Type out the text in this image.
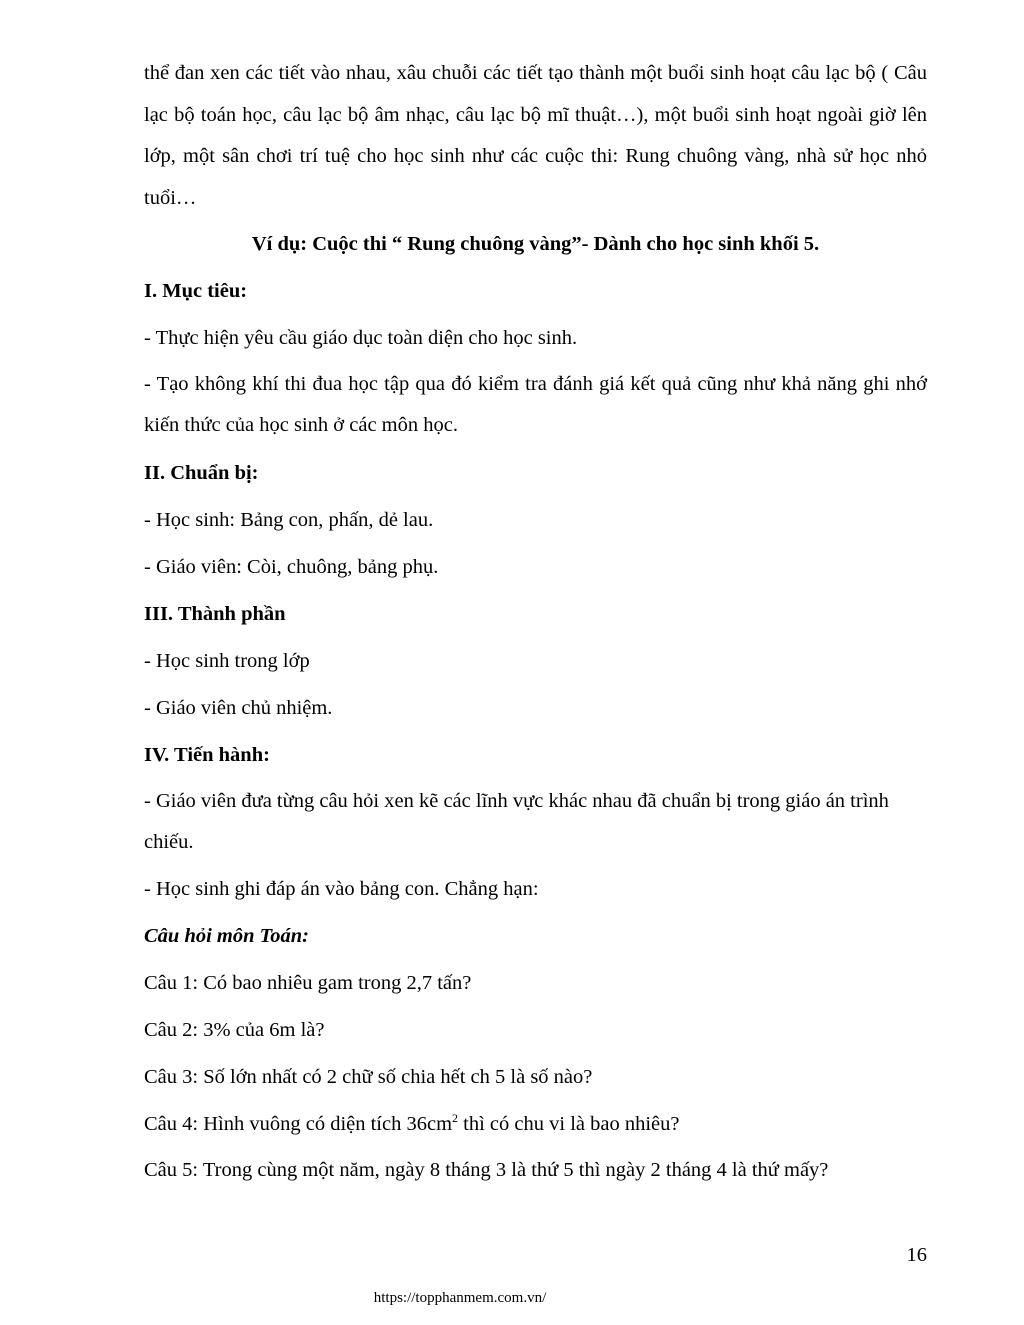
thể đan xen các tiết vào nhau, xâu chuỗi các tiết tạo thành một buổi sinh hoạt câu lạc bộ ( Câu lạc bộ toán học, câu lạc bộ âm nhạc, câu lạc bộ mĩ thuật…), một buổi sinh hoạt ngoài giờ lên lớp, một sân chơi trí tuệ cho học sinh như các cuộc thi: Rung chuông vàng, nhà sử học nhỏ tuổi…

Ví dụ: Cuộc thi “ Rung chuông vàng”- Dành cho học sinh khối 5.
I. Mục tiêu:
- Thực hiện yêu cầu giáo dục toàn diện cho học sinh.

- Tạo không khí thi đua học tập qua đó kiểm tra đánh giá kết quả cũng như khả năng ghi nhớ kiến thức của học sinh ở các môn học.

II. Chuẩn bị:
- Học sinh: Bảng con, phấn, dẻ lau.
- Giáo viên: Còi, chuông, bảng phụ.
III. Thành phần
- Học sinh trong lớp
- Giáo viên chủ nhiệm.
IV. Tiến hành:

- Giáo viên đưa từng câu hỏi xen kẽ các lĩnh vực khác nhau đã chuẩn bị trong giáo án trình chiếu.

- Học sinh ghi đáp án vào bảng con. Chẳng hạn:
Câu hỏi môn Toán:
Câu 1: Có bao nhiêu gam trong 2,7 tấn?
Câu 2: 3% của 6m là?
Câu 3: Số lớn nhất có 2 chữ số chia hết ch 5 là số nào?
Câu 4: Hình vuông có diện tích $36cm^2$ thì có chu vi là bao nhiêu?

Câu 5: Trong cùng một năm, ngày 8 tháng 3 là thứ 5 thì ngày 2 tháng 4 là thứ mấy?

16
https://topphanmem.com.vn/
